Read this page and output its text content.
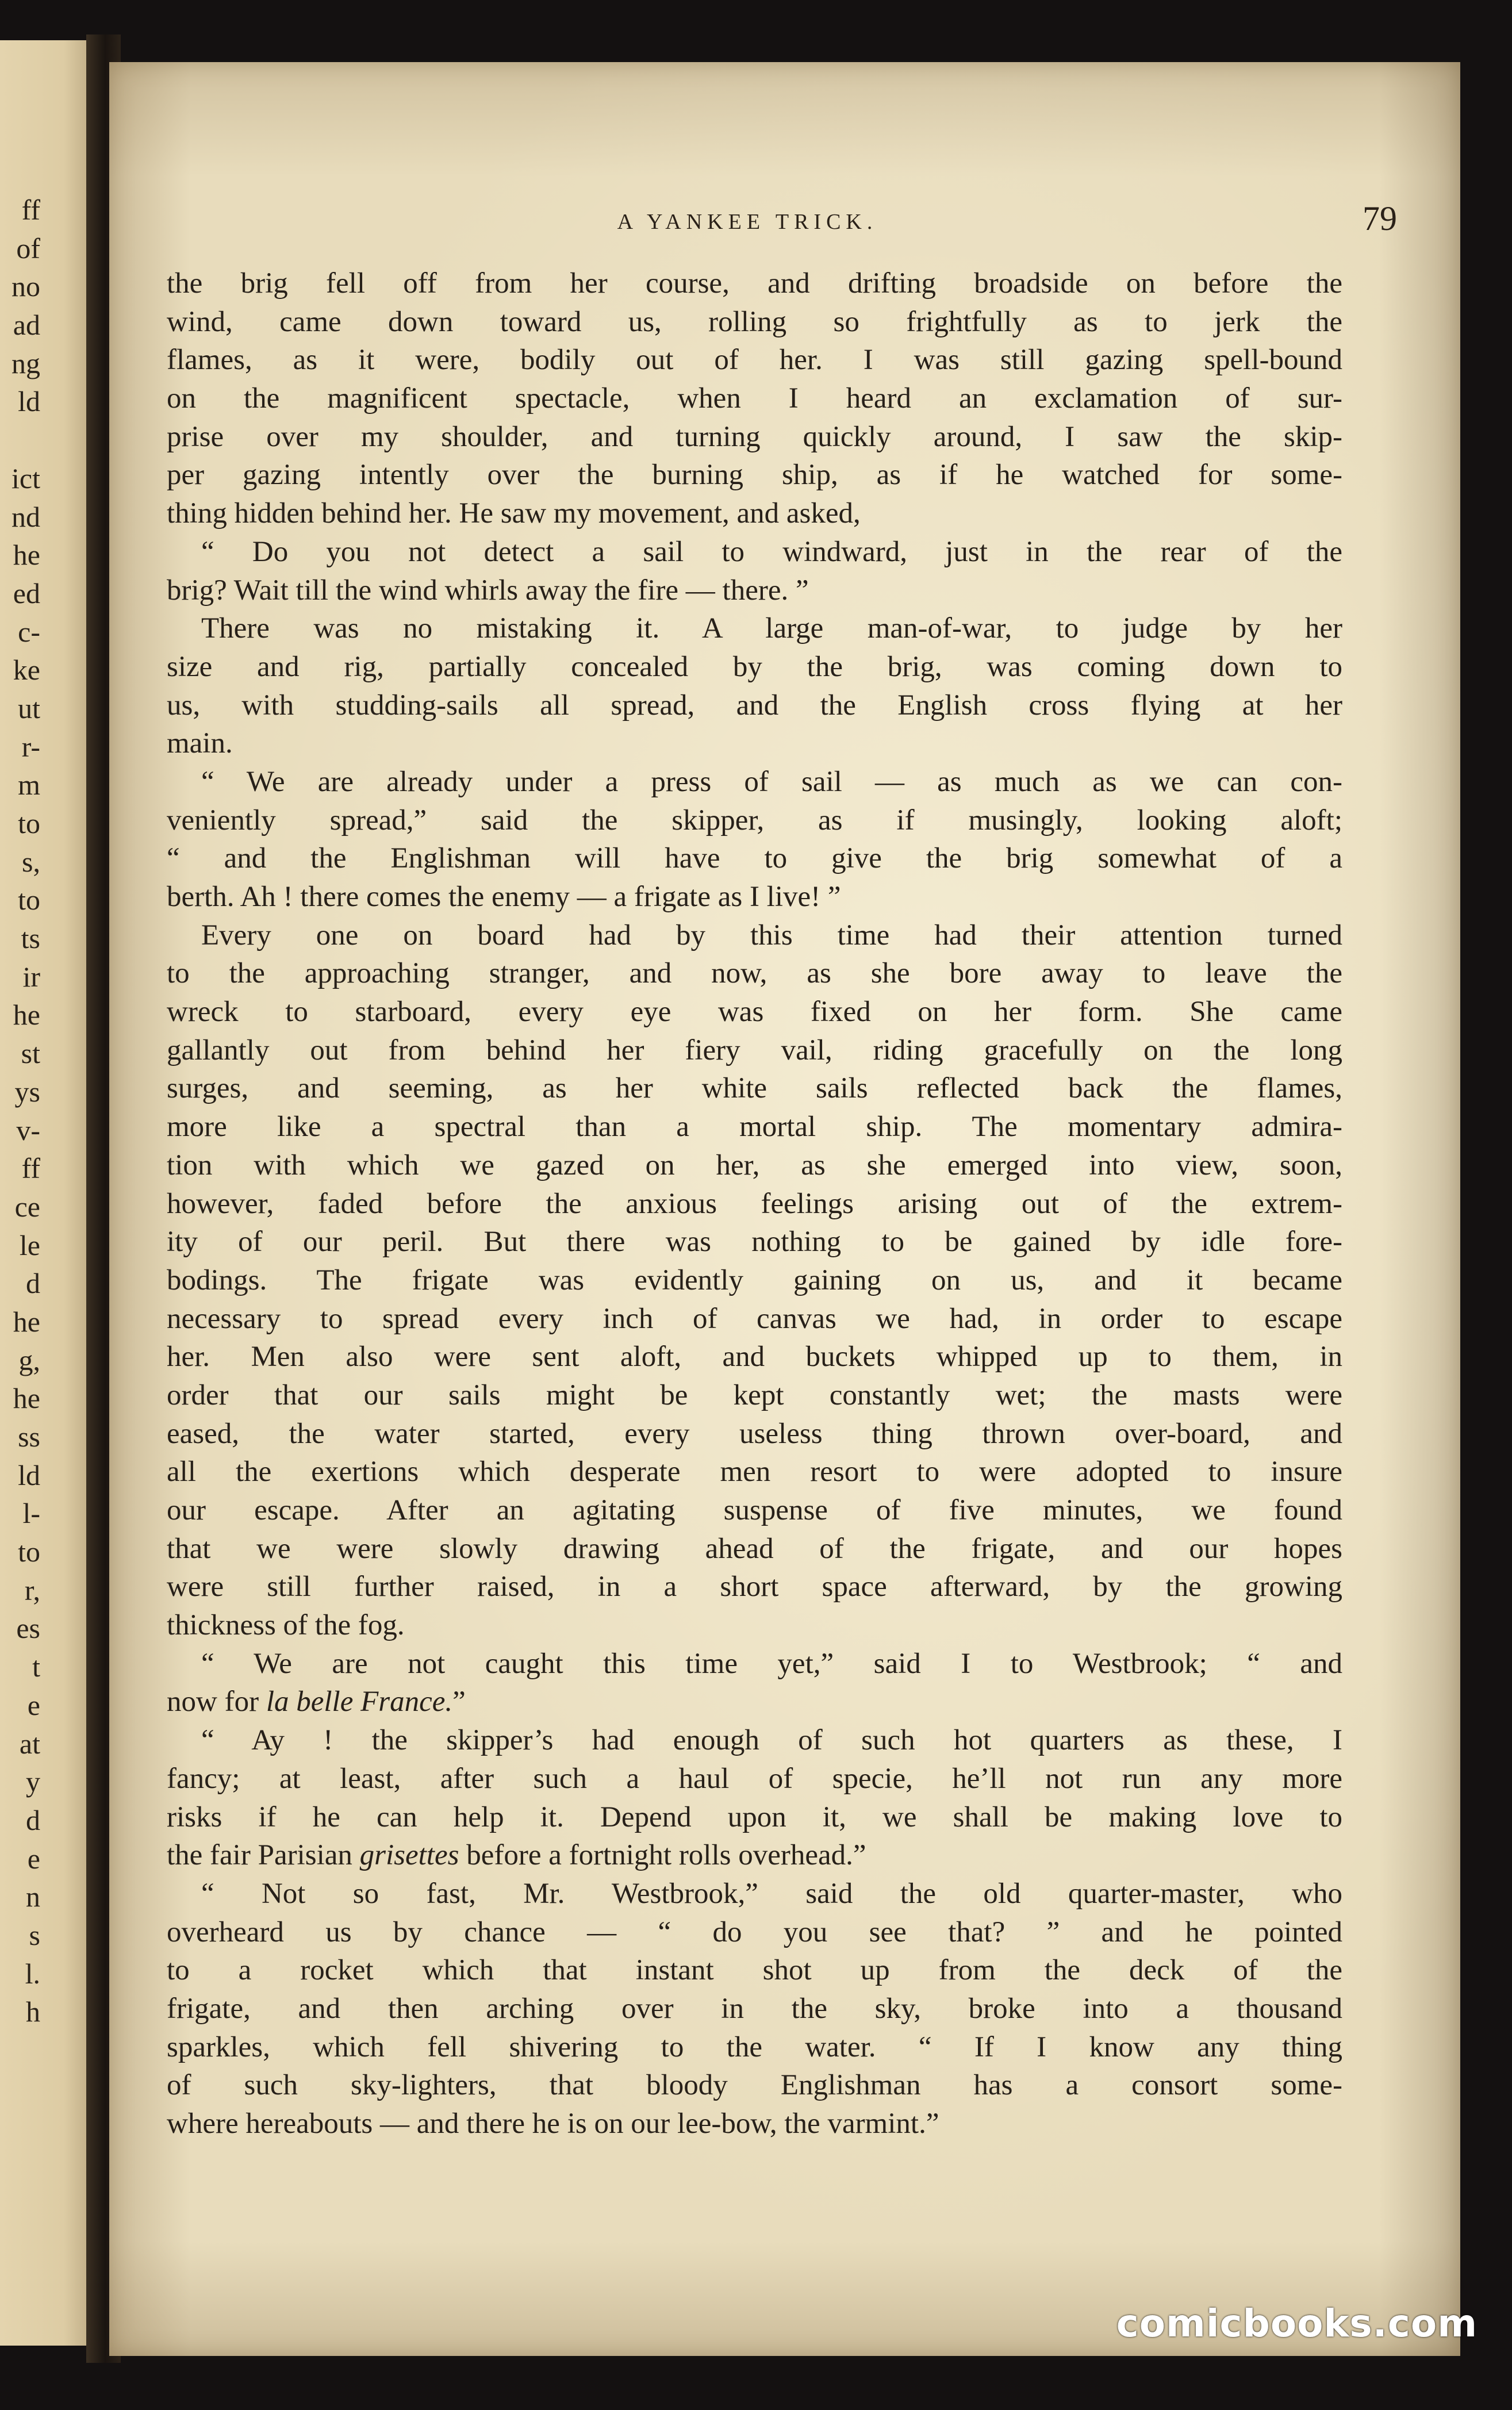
ff
of
no
ad
ng
ld
ict
nd
he
ed
c-
ke
ut
r-
m
to
s,
to
ts
ir
he
st
ys
v-
ff
ce
le
d
he
g,
he
ss
ld
l-
to
r,
es
t
e
at
y
d
e
n
s
l.
h
A YANKEE TRICK.	79
the brig fell off from her course, and drifting broadside on before the
wind, came down toward us, rolling so frightfully as to jerk the
flames, as it were, bodily out of her. I was still gazing spell-bound
on the magnificent spectacle, when I heard an exclamation of sur-
prise over my shoulder, and turning quickly around, I saw the skip-
per gazing intently over the burning ship, as if he watched for some-
thing hidden behind her. He saw my movement, and asked,
“ Do you not detect a sail to windward, just in the rear of the
brig? Wait till the wind whirls away the fire — there. ”
There was no mistaking it. A large man-of-war, to judge by her
size and rig, partially concealed by the brig, was coming down to
us, with studding-sails all spread, and the English cross flying at her
main.
“ We are already under a press of sail — as much as we can con-
veniently spread,” said the skipper, as if musingly, looking aloft;
“ and the Englishman will have to give the brig somewhat of a
berth. Ah ! there comes the enemy — a frigate as I live! ”
Every one on board had by this time had their attention turned
to the approaching stranger, and now, as she bore away to leave the
wreck to starboard, every eye was fixed on her form. She came
gallantly out from behind her fiery vail, riding gracefully on the long
surges, and seeming, as her white sails reflected back the flames,
more like a spectral than a mortal ship. The momentary admira-
tion with which we gazed on her, as she emerged into view, soon,
however, faded before the anxious feelings arising out of the extrem-
ity of our peril. But there was nothing to be gained by idle fore-
bodings. The frigate was evidently gaining on us, and it became
necessary to spread every inch of canvas we had, in order to escape
her. Men also were sent aloft, and buckets whipped up to them, in
order that our sails might be kept constantly wet; the masts were
eased, the water started, every useless thing thrown over-board, and
all the exertions which desperate men resort to were adopted to insure
our escape. After an agitating suspense of five minutes, we found
that we were slowly drawing ahead of the frigate, and our hopes
were still further raised, in a short space afterward, by the growing
thickness of the fog.
“ We are not caught this time yet,” said I to Westbrook; “ and
now for la belle France.”
“ Ay ! the skipper’s had enough of such hot quarters as these, I
fancy; at least, after such a haul of specie, he’ll not run any more
risks if he can help it. Depend upon it, we shall be making love to
the fair Parisian grisettes before a fortnight rolls overhead.”
“ Not so fast, Mr. Westbrook,” said the old quarter-master, who
overheard us by chance — “ do you see that? ” and he pointed
to a rocket which that instant shot up from the deck of the
frigate, and then arching over in the sky, broke into a thousand
sparkles, which fell shivering to the water. “ If I know any thing
of such sky-lighters, that bloody Englishman has a consort some-
where hereabouts — and there he is on our lee-bow, the varmint.”
comicbooks.com
